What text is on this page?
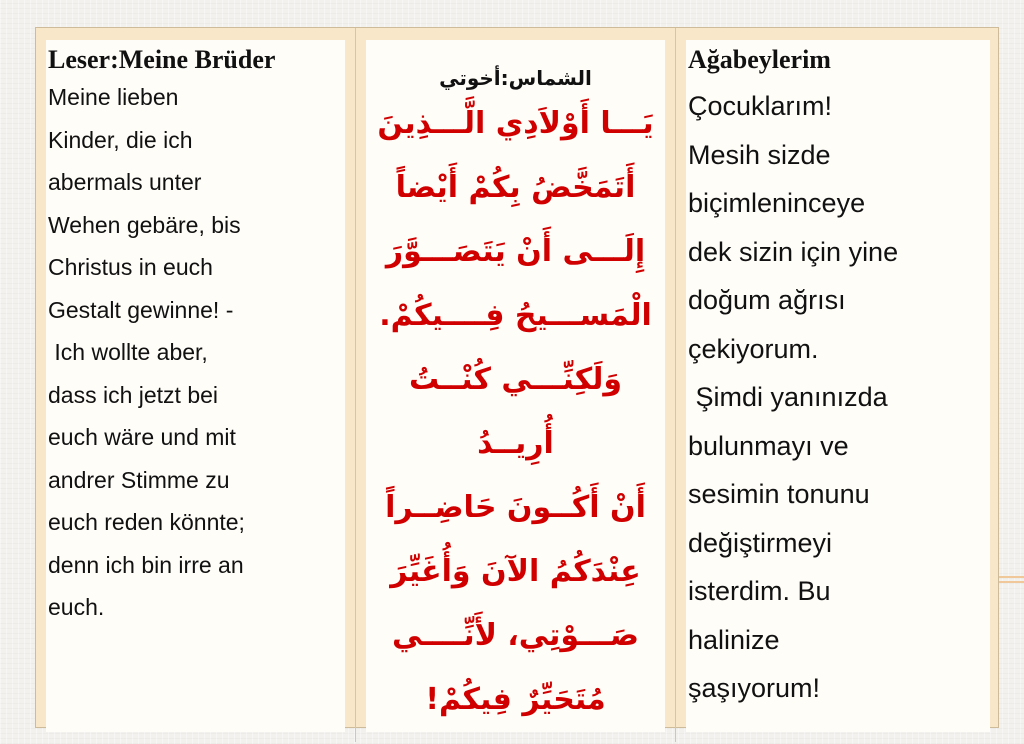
Leser:Meine Brüder
Meine lieben
Kinder, die ich
abermals unter
Wehen gebäre, bis
Christus in euch
Gestalt gewinne! -
Ich wollte aber,
dass ich jetzt bei
euch wäre und mit
andrer Stimme zu
euch reden könnte;
denn ich bin irre an
euch.
الشماس:أخوتي
يَـــا أَوْلاَدِي الَّـــذِينَ
أَتَمَخَّضُ بِكُمْ أَيْضاً
إِلَـــى أَنْ يَتَصَـــوَّرَ
الْمَســـيحُ فِــــيكُمْ.
وَلَكِنِّـــي كُنْــتُ أُرِيــدُ
أَنْ أَكُــونَ حَاضِــراً
عِنْدَكُمُ الآنَ وَأُغَيِّرَ
صَـــوْتِي، لأَنِّــــي
مُتَحَيِّرٌ فِيكُمْ!
Ağabeylerim
Çocuklarım!
Mesih sizde
biçimleninceye
dek sizin için yine
doğum ağrısı
çekiyorum.
Şimdi yanınızda
bulunmayı ve
sesimin tonunu
değiştirmeyi
isterdim. Bu
halinize
şaşıyorum!
